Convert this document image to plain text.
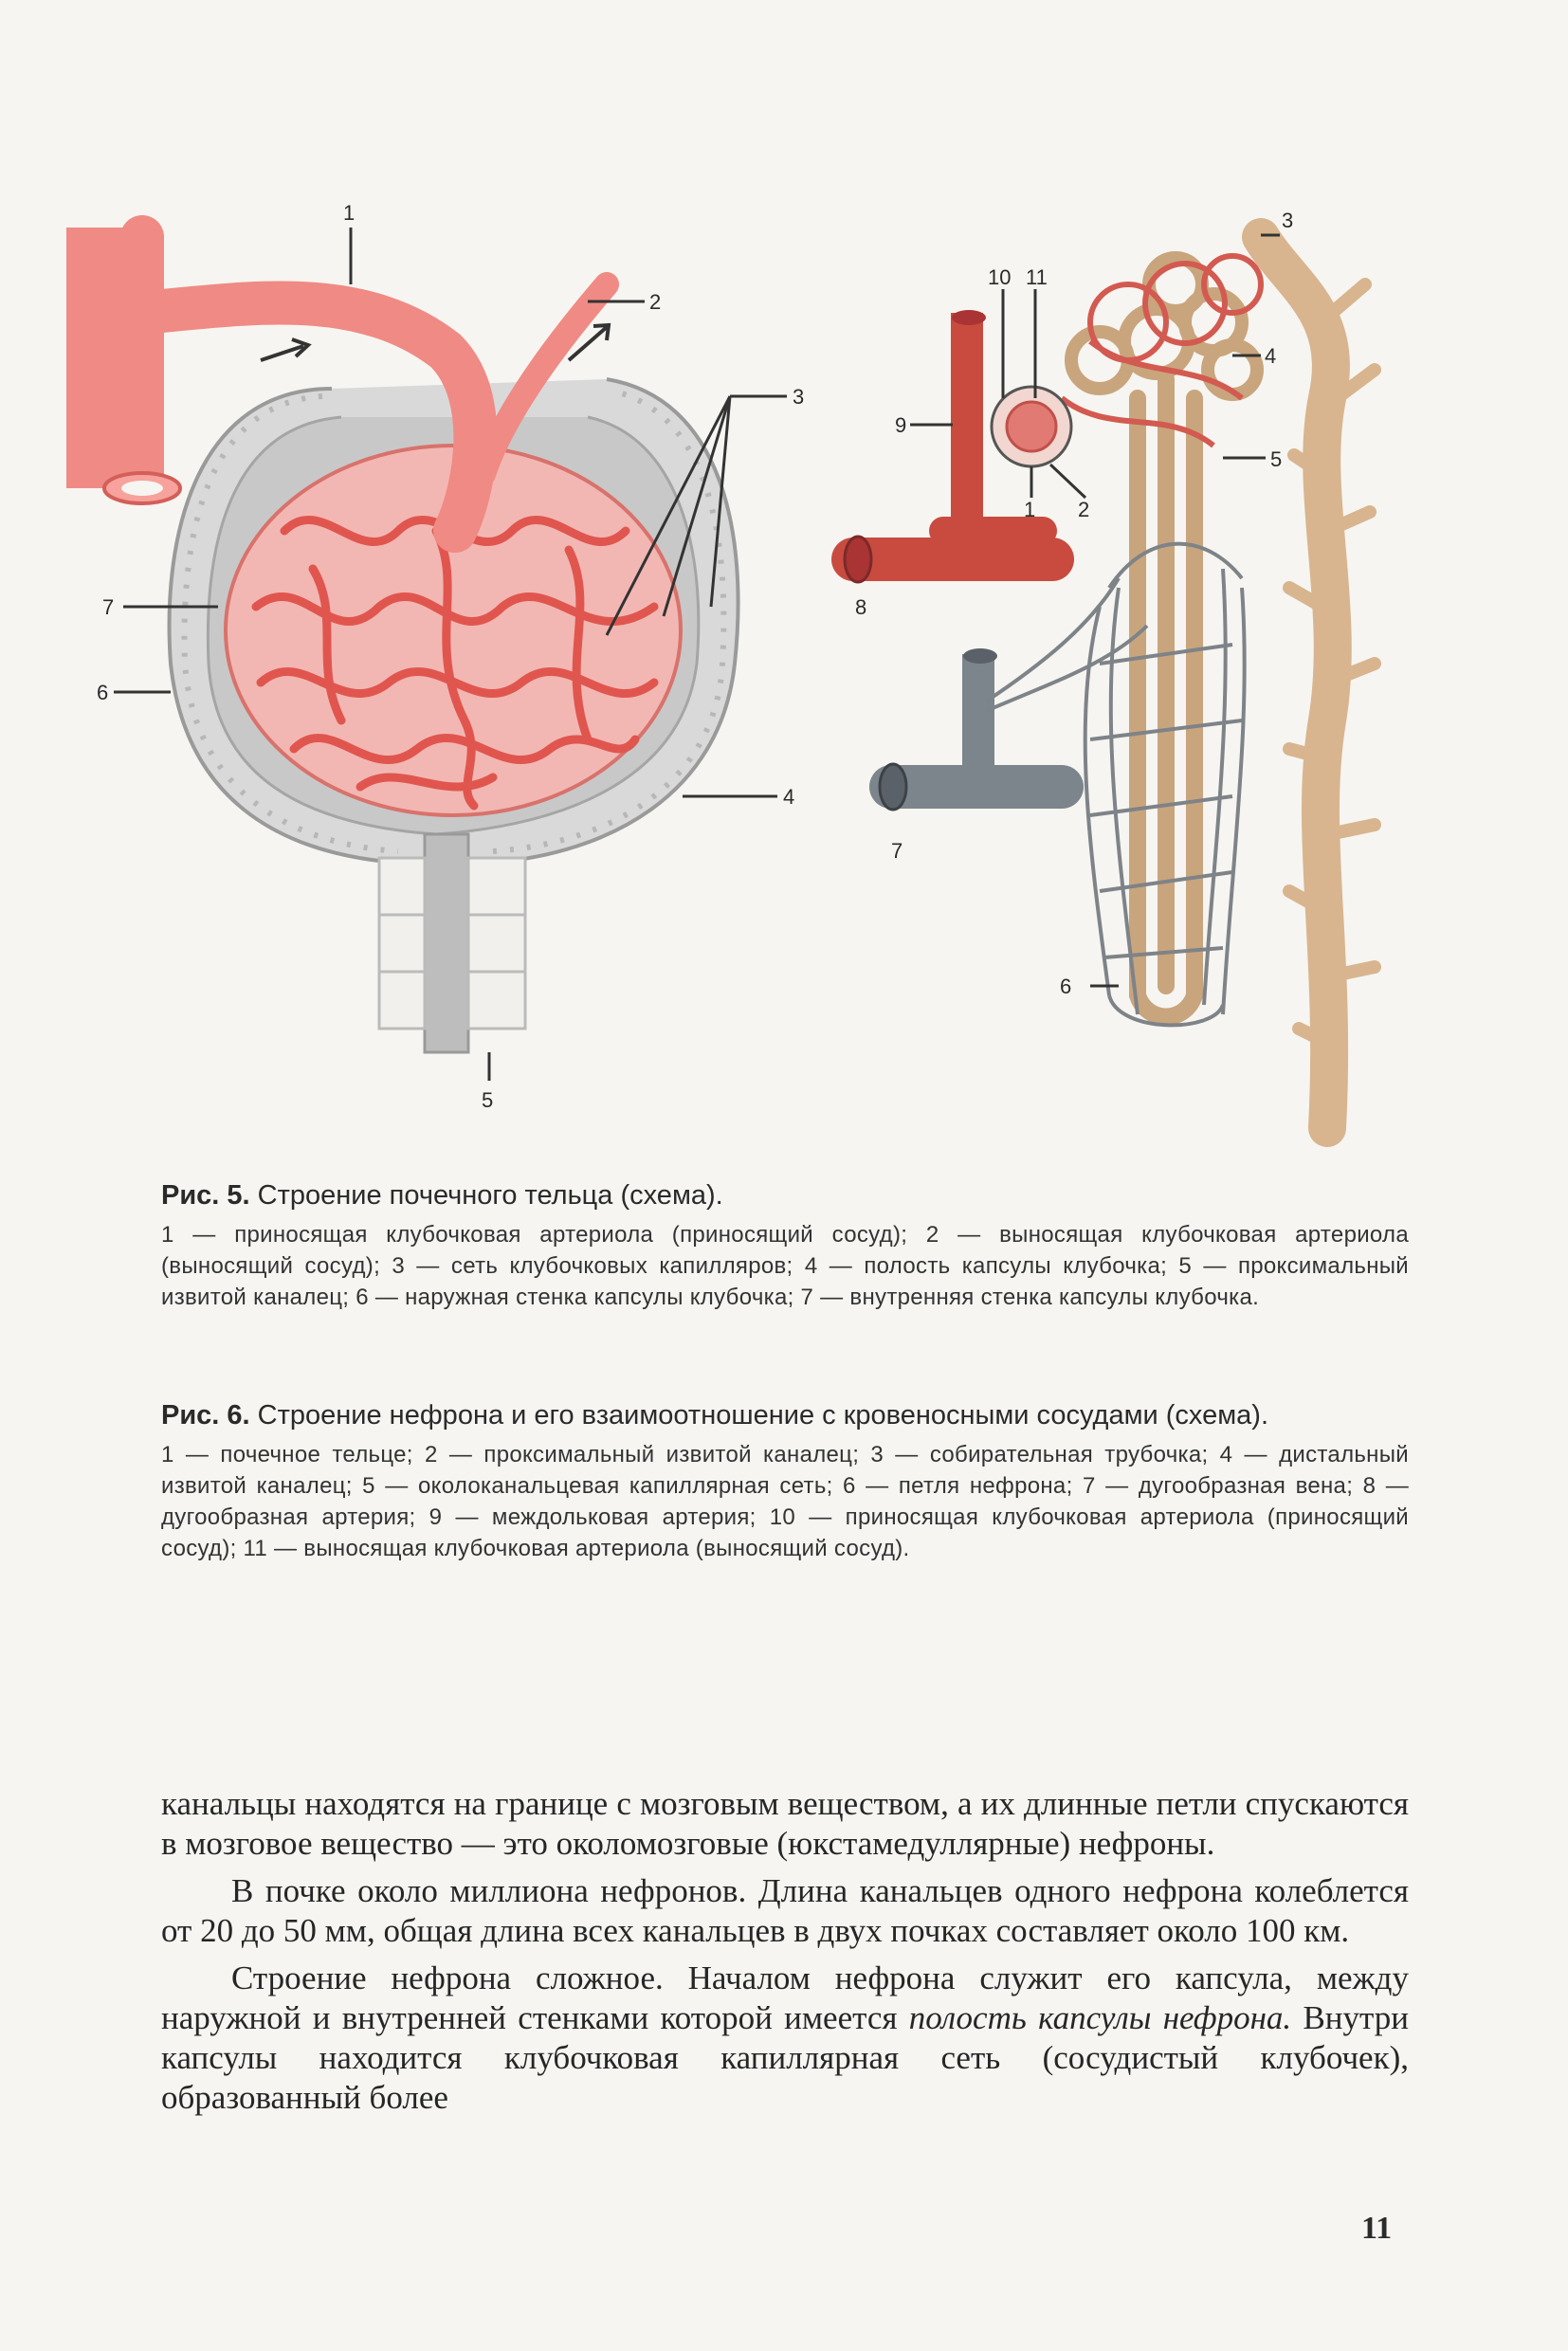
1
2
3
4
5
6
7
10 11
9
1 2
3
4
5
8
7
6

Рис. 5. Строение почечного тельца (схема).

1 — приносящая клубочковая артериола (приносящий сосуд); 2 — выносящая клубочковая артериола (выносящий сосуд); 3 — сеть клубочковых капилляров; 4 — полость капсулы клубочка; 5 — проксимальный извитой каналец; 6 — наружная стенка капсулы клубочка; 7 — внутренняя стенка капсулы клубочка.

Рис. 6. Строение нефрона и его взаимоотношение с кровеносными сосудами (схема).

1 — почечное тельце; 2 — проксимальный извитой каналец; 3 — собирательная трубочка; 4 — дистальный извитой каналец; 5 — околоканальцевая капиллярная сеть; 6 — петля нефрона; 7 — дугообразная вена; 8 — дугообразная артерия; 9 — междольковая артерия; 10 — приносящая клубочковая артериола (приносящий сосуд); 11 — выносящая клубочковая артериола (выносящий сосуд).

канальцы находятся на границе с мозговым веществом, а их длинные петли спускаются в мозговое вещество — это околомозговые (юкстамедуллярные) нефроны.

В почке около миллиона нефронов. Длина канальцев одного нефрона колеблется от 20 до 50 мм, общая длина всех канальцев в двух почках составляет около 100 км.

Строение нефрона сложное. Началом нефрона служит его капсула, между наружной и внутренней стенками которой имеется полость капсулы нефрона. Внутри капсулы находится клубочковая капиллярная сеть (сосудистый клубочек), образованный более

11
